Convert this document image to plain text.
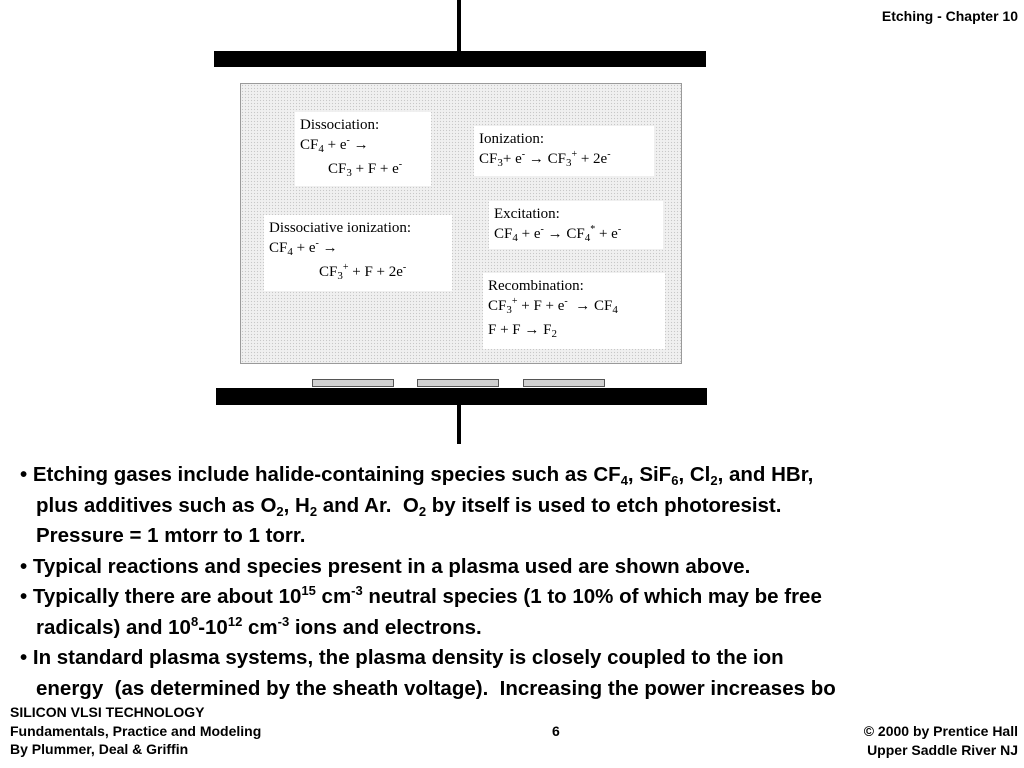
Etching - Chapter 10
Dissociation:
$CF_4 + e^-$ →
$CF_3 + F + e^-$
Ionization:
$CF_3+ e^- \to CF_3^+ + 2e^-$
Excitation:
$CF_4 + e^- \to CF_4^* + e^-$
Dissociative ionization:
$CF_4 + e^-$ →
$CF_3^+ + F + 2e^-$
Recombination:
$CF_3^+ + F + e^- \to CF_4$
$F + F \to F_2$

• Etching gases include halide-containing species such as $CF_4$, SiF$_6$, $Cl_2$, and HBr,
plus additives such as $O_2$, $H_2$ and Ar.  $O_2$ by itself is used to etch photoresist.
Pressure = 1 mtorr to 1 torr.

• Typical reactions and species present in a plasma used are shown above.

• Typically there are about $10^{15}$ $cm^{-3}$ neutral species (1 to 10% of which may be free
radicals) and $10^8-10^{12}$ $cm^{-3}$ ions and electrons.

• In standard plasma systems, the plasma density is closely coupled to the ion
energy  (as determined by the sheath voltage).  Increasing the power increases bo

SILICON VLSI TECHNOLOGY
Fundamentals, Practice and Modeling
By Plummer, Deal & Griffin
6	© 2000 by Prentice Hall
Upper Saddle River NJ
